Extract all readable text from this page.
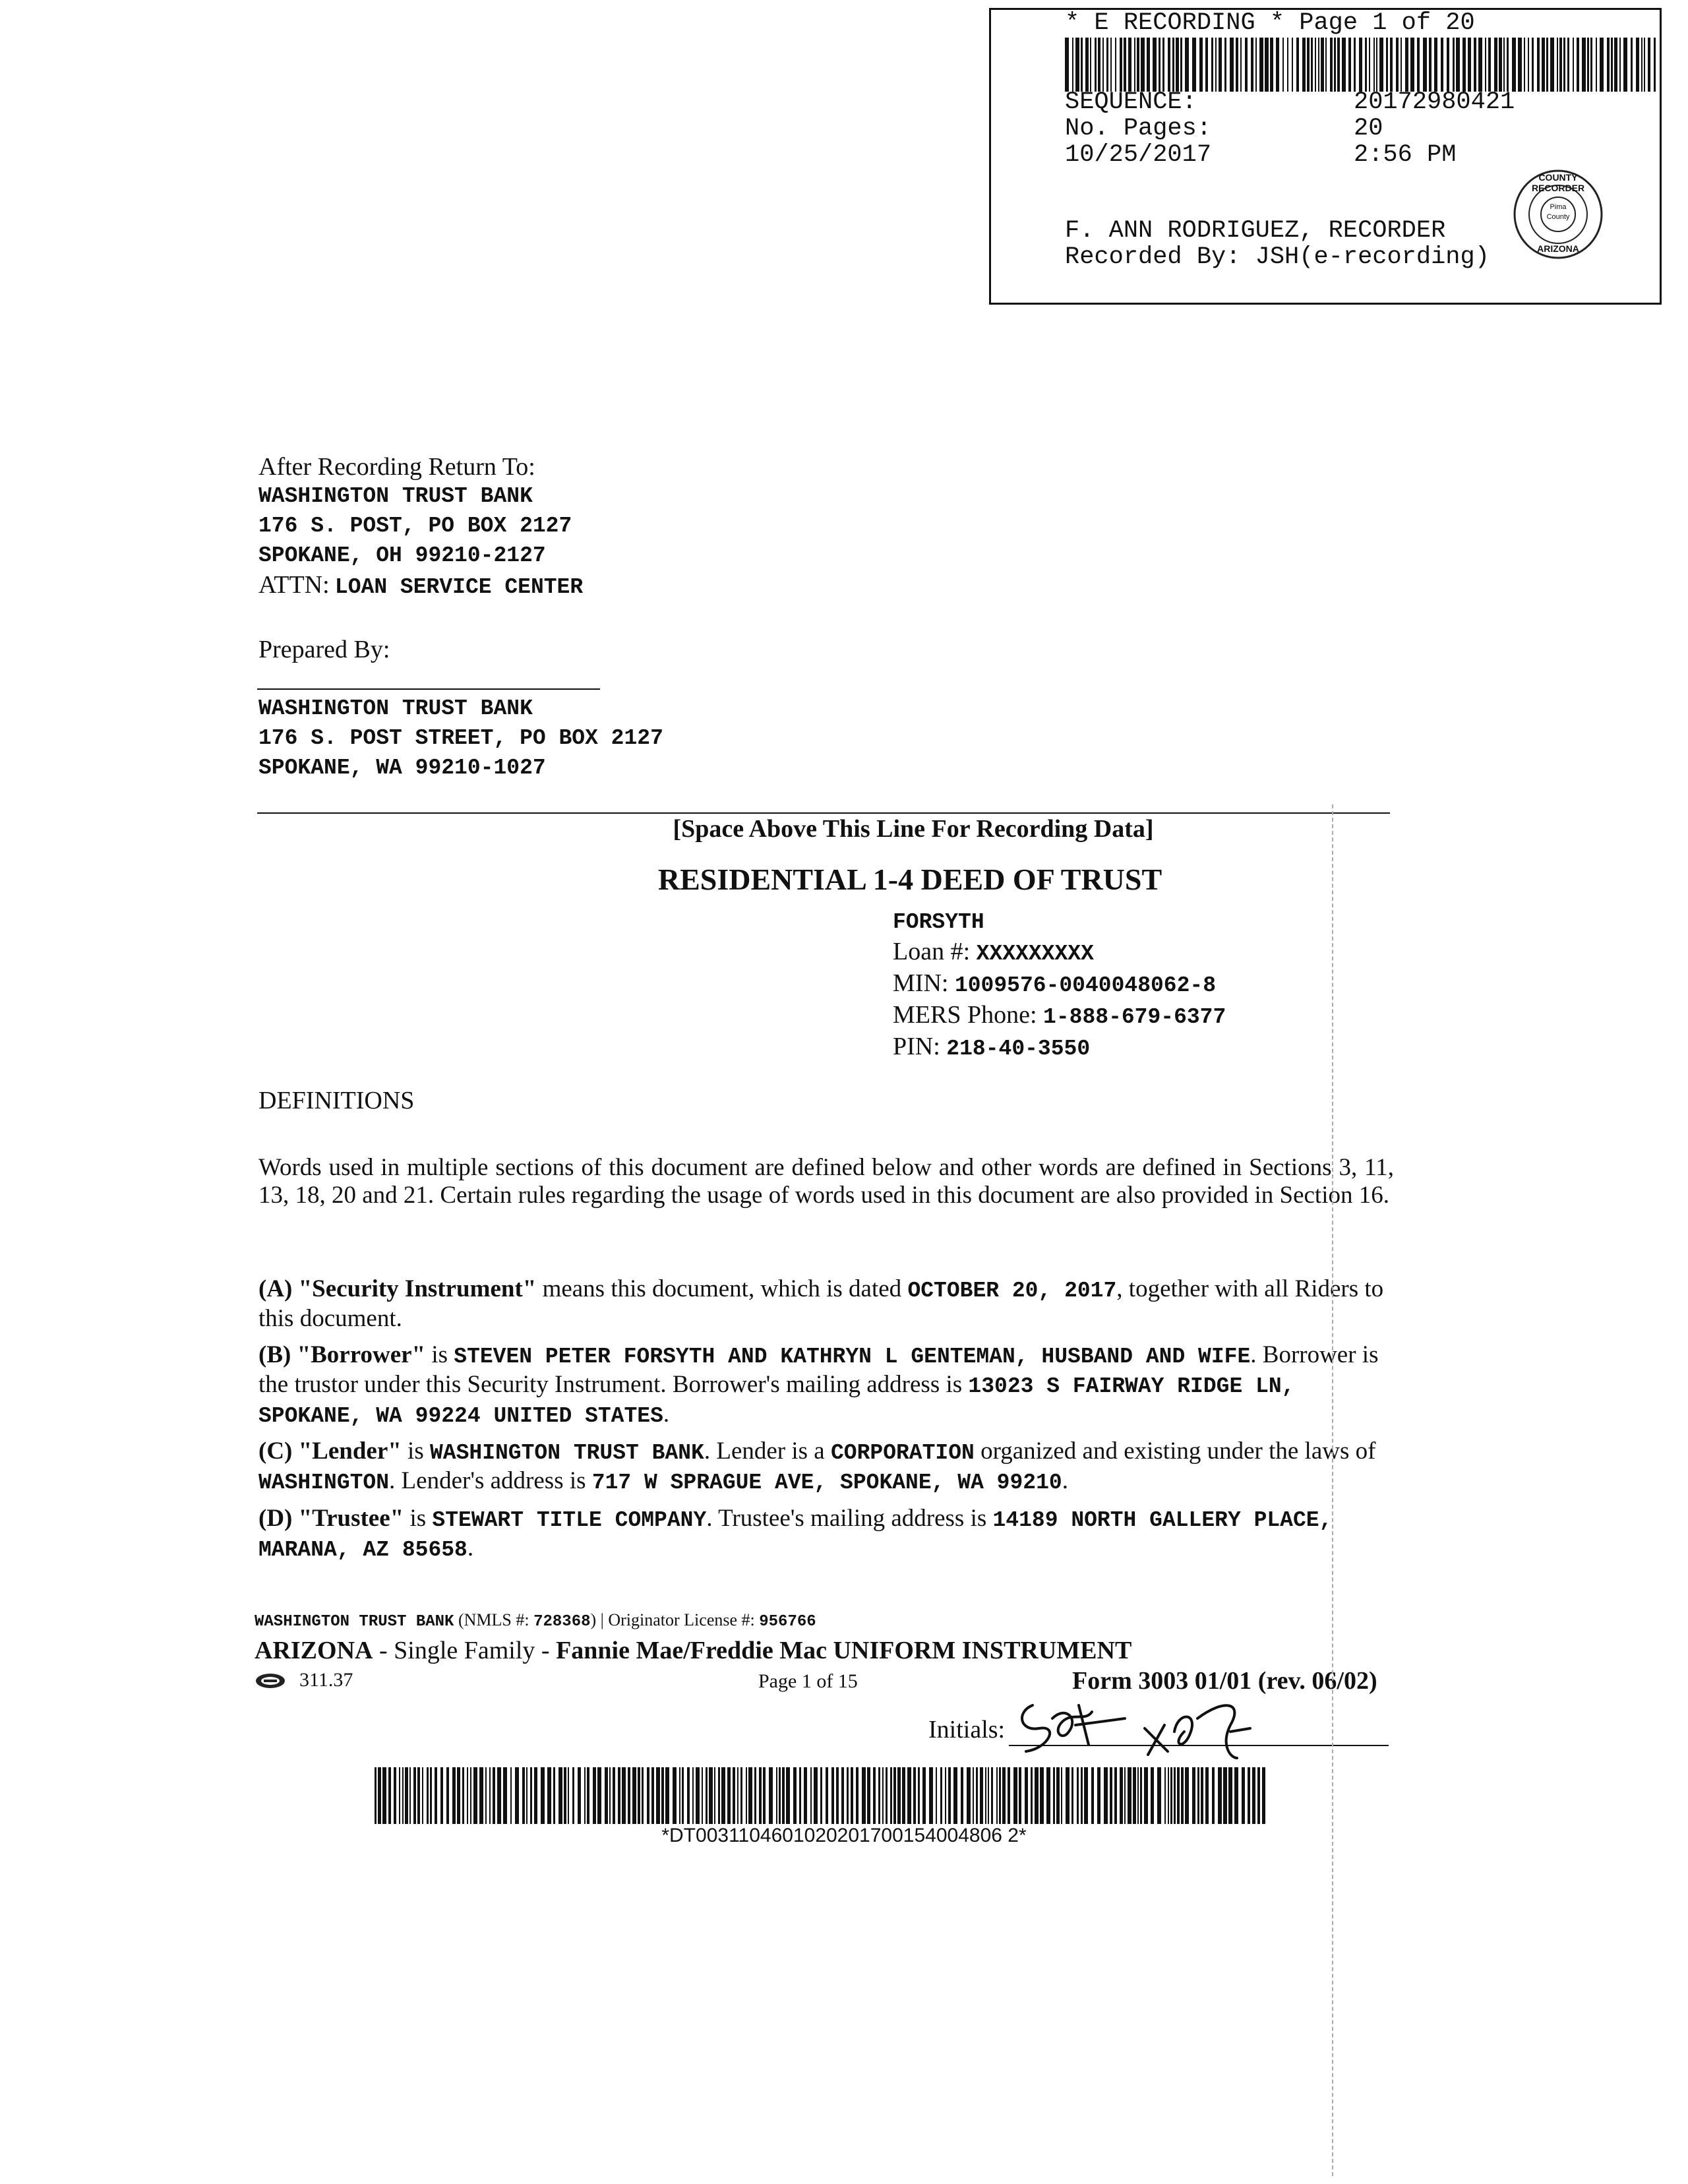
* E RECORDING * Page 1 of 20
SEQUENCE:	20172980421
No. Pages:	20
10/25/2017	2:56 PM
F. ANN RODRIGUEZ, RECORDER
Recorded By: JSH(e-recording)
COUNTY RECORDER
Pima
County
ARIZONA
After Recording Return To:
WASHINGTON TRUST BANK
176 S. POST, PO BOX 2127
SPOKANE, OH 99210-2127
ATTN: LOAN SERVICE CENTER
Prepared By:
WASHINGTON TRUST BANK
176 S. POST STREET, PO BOX 2127
SPOKANE, WA 99210-1027
[Space Above This Line For Recording Data]
RESIDENTIAL 1-4 DEED OF TRUST
FORSYTH
Loan #: XXXXXXXXX
MIN: 1009576-0040048062-8
MERS Phone: 1-888-679-6377
PIN: 218-40-3550
DEFINITIONS
Words used in multiple sections of this document are defined below and other words are defined in Sections 3, 11, 13, 18, 20 and 21. Certain rules regarding the usage of words used in this document are also provided in Section 16.
(A) "Security Instrument" means this document, which is dated OCTOBER 20, 2017, together with all Riders to this document.
(B) "Borrower" is STEVEN PETER FORSYTH AND KATHRYN L GENTEMAN, HUSBAND AND WIFE. Borrower is the trustor under this Security Instrument. Borrower's mailing address is 13023 S FAIRWAY RIDGE LN, SPOKANE, WA 99224 UNITED STATES.
(C) "Lender" is WASHINGTON TRUST BANK. Lender is a CORPORATION organized and existing under the laws of WASHINGTON. Lender's address is 717 W SPRAGUE AVE, SPOKANE, WA 99210.
(D) "Trustee" is STEWART TITLE COMPANY. Trustee's mailing address is 14189 NORTH GALLERY PLACE, MARANA, AZ 85658.
WASHINGTON TRUST BANK (NMLS #: 728368) | Originator License #: 956766
ARIZONA - Single Family - Fannie Mae/Freddie Mac UNIFORM INSTRUMENT
311.37	Page 1 of 15	Form 3003 01/01 (rev. 06/02)
Initials:
*DT0031104601020201700154004806 2*
